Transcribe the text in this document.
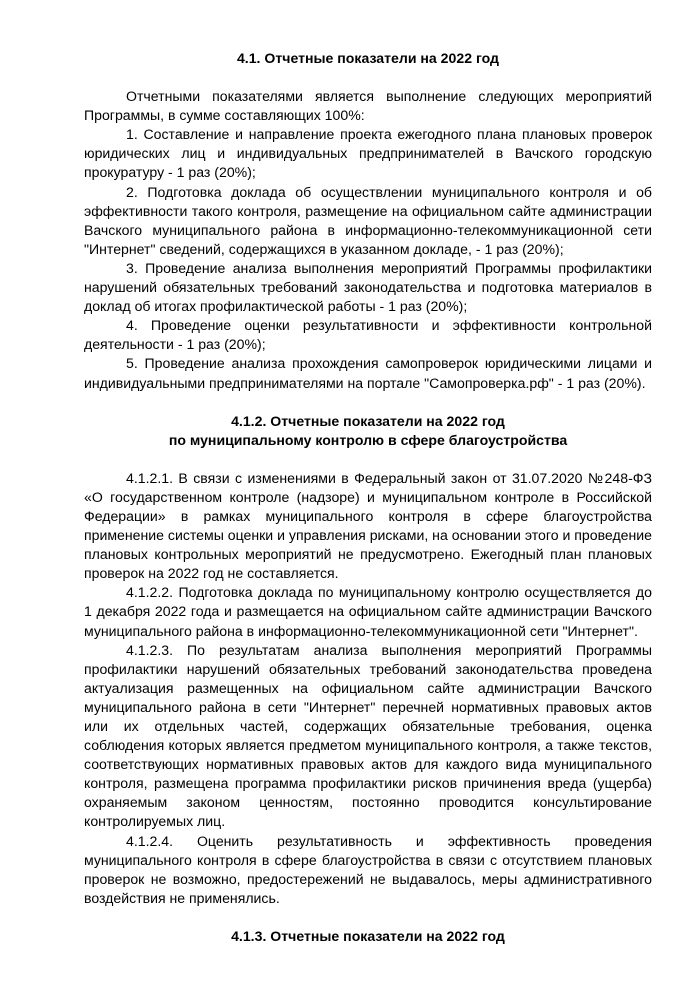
4.1. Отчетные показатели на 2022 год

Отчетными показателями является выполнение следующих мероприятий Программы, в сумме составляющих 100%:

1. Составление и направление проекта ежегодного плана плановых проверок юридических лиц и индивидуальных предпринимателей в Вачского городскую прокуратуру - 1 раз (20%);

2. Подготовка доклада об осуществлении муниципального контроля и об эффективности такого контроля, размещение на официальном сайте администрации Вачского муниципального района в информационно-телекоммуникационной сети "Интернет" сведений, содержащихся в указанном докладе, - 1 раз (20%);

3. Проведение анализа выполнения мероприятий Программы профилактики нарушений обязательных требований законодательства и подготовка материалов в доклад об итогах профилактической работы - 1 раз (20%);

4. Проведение оценки результативности и эффективности контрольной деятельности - 1 раз (20%);

5. Проведение анализа прохождения самопроверок юридическими лицами и индивидуальными предпринимателями на портале "Самопроверка.рф" - 1 раз (20%).

4.1.2. Отчетные показатели на 2022 год
по муниципальному контролю в сфере благоустройства

4.1.2.1. В связи с изменениями в Федеральный закон от 31.07.2020 №248-ФЗ «О государственном контроле (надзоре) и муниципальном контроле в Российской Федерации» в рамках муниципального контроля в сфере благоустройства применение системы оценки и управления рисками, на основании этого и проведение плановых контрольных мероприятий не предусмотрено. Ежегодный план плановых проверок на 2022 год не составляется.

4.1.2.2. Подготовка доклада по муниципальному контролю осуществляется до 1 декабря 2022 года и размещается на официальном сайте администрации Вачского муниципального района в информационно-телекоммуникационной сети "Интернет".

4.1.2.3. По результатам анализа выполнения мероприятий Программы профилактики нарушений обязательных требований законодательства проведена актуализация размещенных на официальном сайте администрации Вачского муниципального района в сети "Интернет" перечней нормативных правовых актов или их отдельных частей, содержащих обязательные требования, оценка соблюдения которых является предметом муниципального контроля, а также текстов, соответствующих нормативных правовых актов для каждого вида муниципального контроля, размещена программа профилактики рисков причинения вреда (ущерба) охраняемым законом ценностям, постоянно проводится консультирование контролируемых лиц.

4.1.2.4. Оценить результативность и эффективность проведения муниципального контроля в сфере благоустройства в связи с отсутствием плановых проверок не возможно, предостережений не выдавалось, меры административного воздействия не применялись.

4.1.3. Отчетные показатели на 2022 год
